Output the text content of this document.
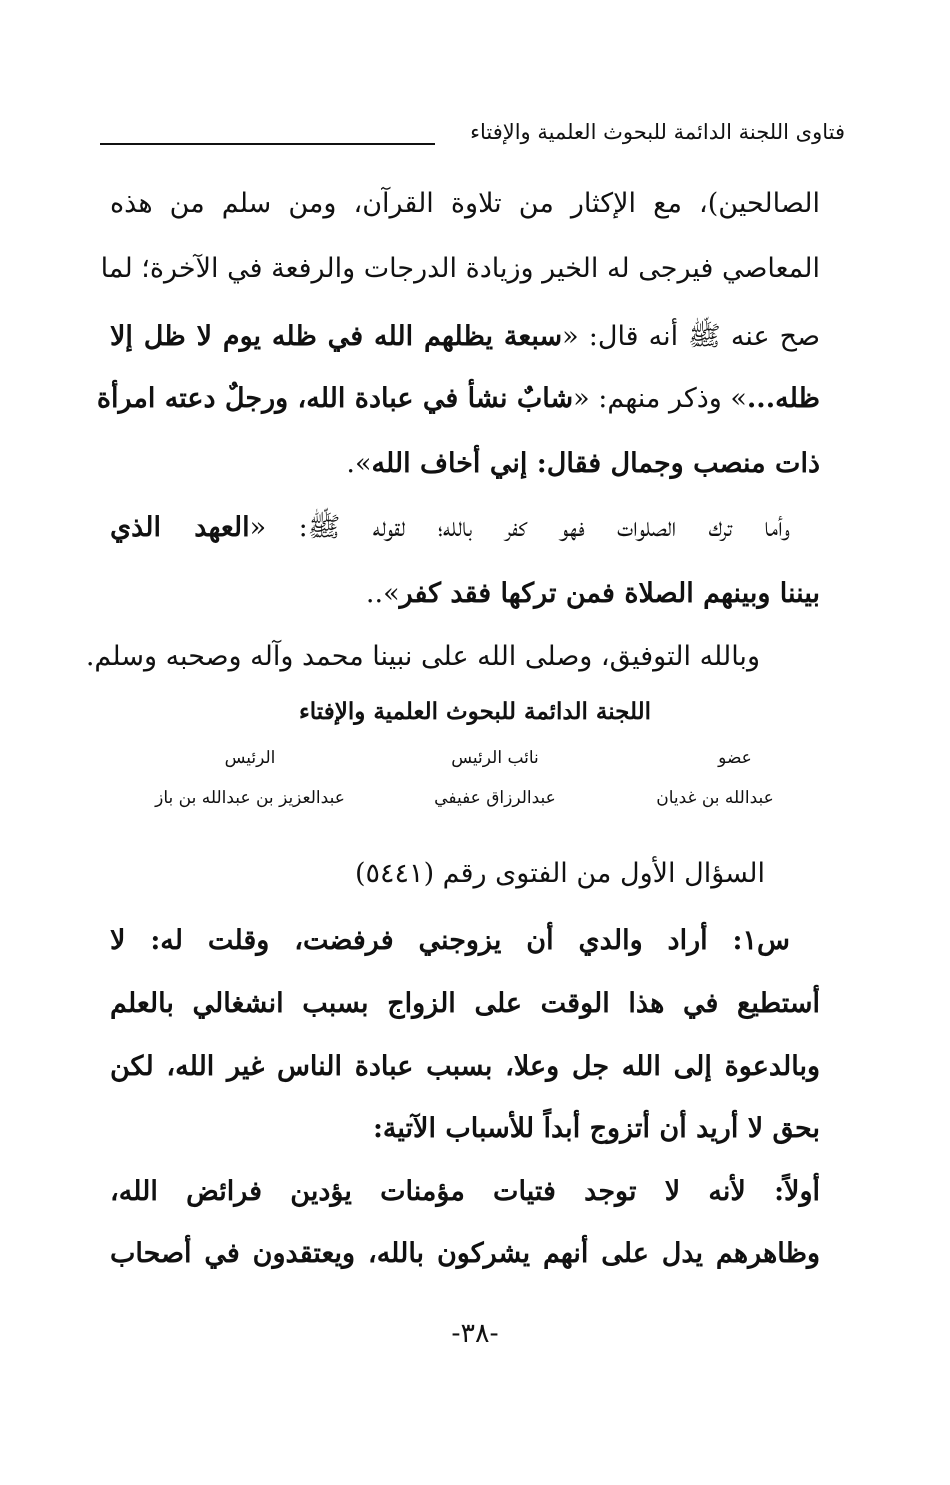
فتاوى اللجنة الدائمة للبحوث العلمية والإفتاء
الصالحين)، مع الإكثار من تلاوة القرآن، ومن سلم من هذه
المعاصي فيرجى له الخير وزيادة الدرجات والرفعة في الآخرة؛ لما
صح عنه ﷺ أنه قال: «سبعة يظلهم الله في ظله يوم لا ظل إلا
ظله...» وذكر منهم: «شابٌ نشأ في عبادة الله، ورجلٌ دعته امرأة
ذات منصب وجمال فقال: إني أخاف الله».
وأما ترك الصلوات فهو كفر بالله؛ لقوله ﷺ: «العهد الذي
بيننا وبينهم الصلاة فمن تركها فقد كفر»..
وبالله التوفيق، وصلى الله على نبينا محمد وآله وصحبه وسلم.
اللجنة الدائمة للبحوث العلمية والإفتاء
عضو
عبدالله بن غديان
نائب الرئيس
عبدالرزاق عفيفي
الرئيس
عبدالعزيز بن عبدالله بن باز
السؤال الأول من الفتوى رقم (٥٤٤١)
س١: أراد والدي أن يزوجني فرفضت، وقلت له: لا
أستطيع في هذا الوقت على الزواج بسبب انشغالي بالعلم
وبالدعوة إلى الله جل وعلا، بسبب عبادة الناس غير الله، لكن
بحق لا أريد أن أتزوج أبداً للأسباب الآتية:
أولاً: لأنه لا توجد فتيات مؤمنات يؤدين فرائض الله،
وظاهرهم يدل على أنهم يشركون بالله، ويعتقدون في أصحاب
-٣٨-
